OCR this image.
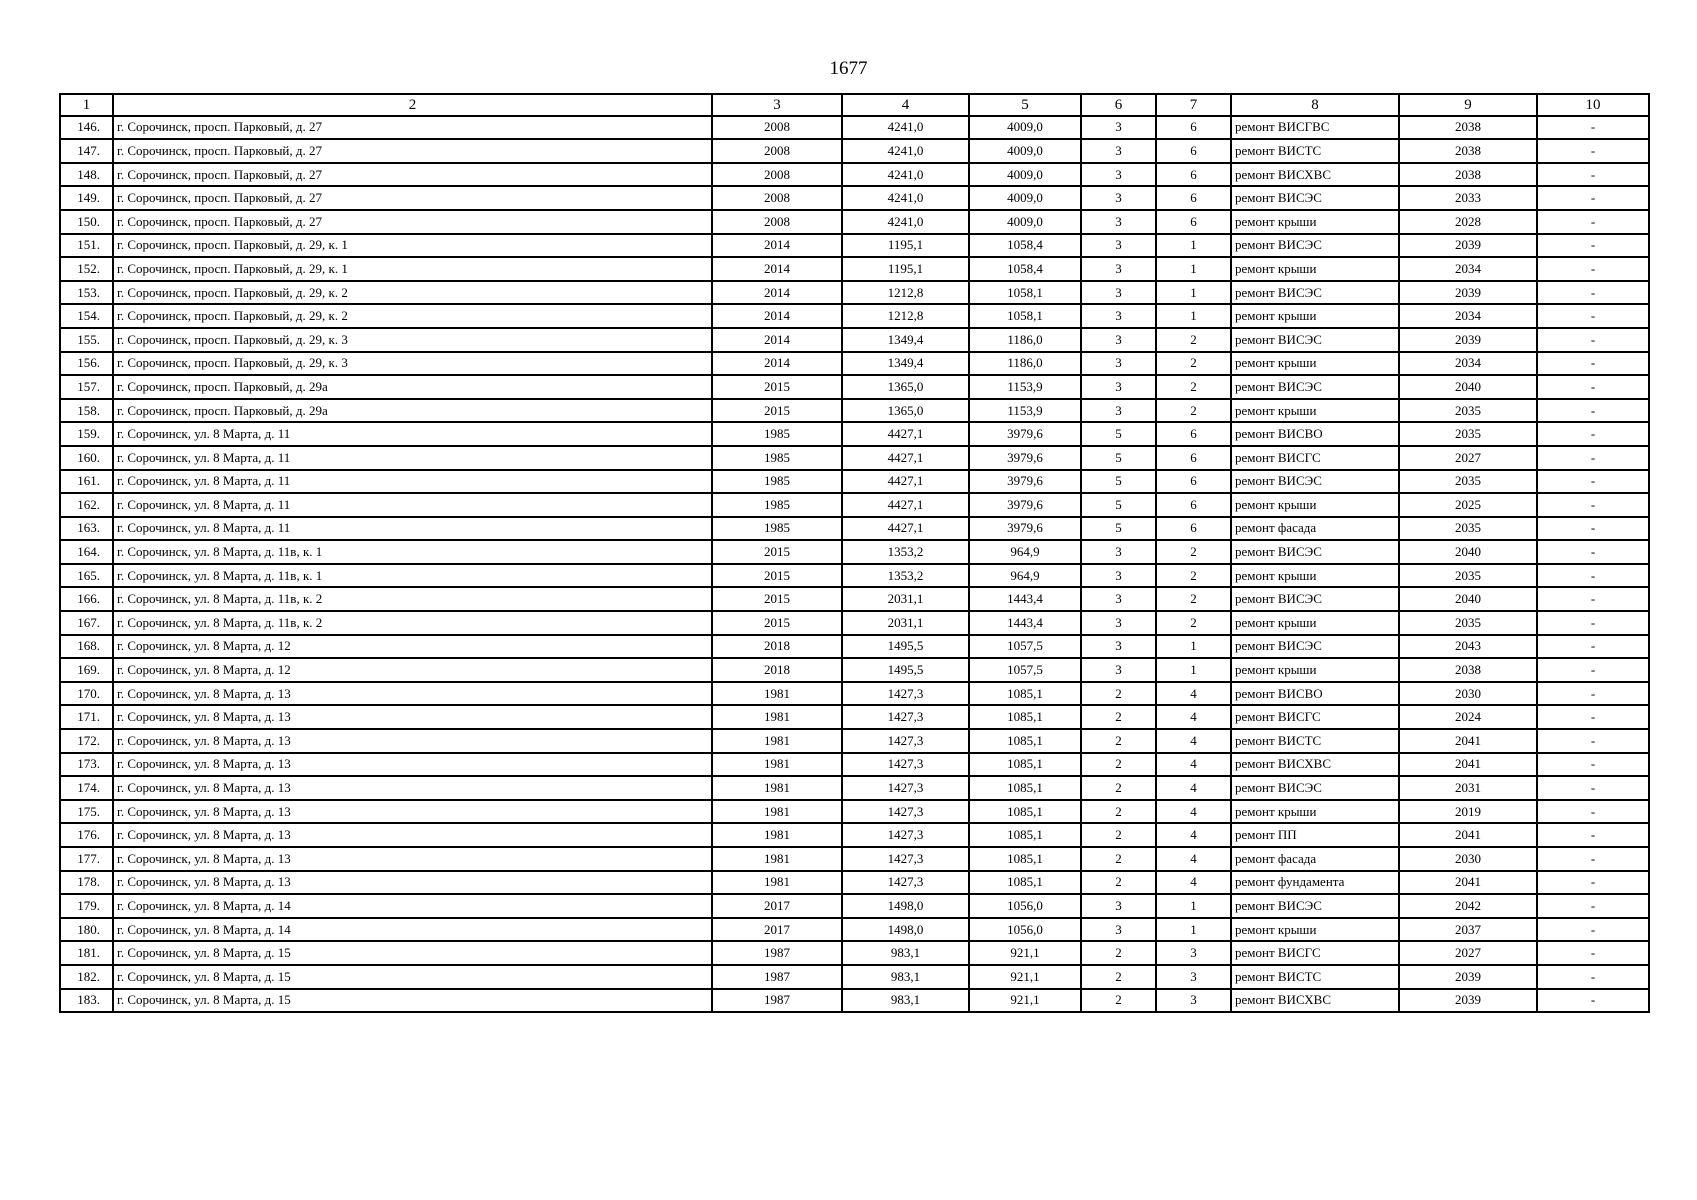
1677
1	2	3	4	5	6	7	8	9	10
146.	г. Сорочинск, просп. Парковый, д. 27	2008	4241,0	4009,0	3	6	ремонт ВИСГВС	2038	-
147.	г. Сорочинск, просп. Парковый, д. 27	2008	4241,0	4009,0	3	6	ремонт ВИСТС	2038	-
148.	г. Сорочинск, просп. Парковый, д. 27	2008	4241,0	4009,0	3	6	ремонт ВИСХВС	2038	-
149.	г. Сорочинск, просп. Парковый, д. 27	2008	4241,0	4009,0	3	6	ремонт ВИСЭС	2033	-
150.	г. Сорочинск, просп. Парковый, д. 27	2008	4241,0	4009,0	3	6	ремонт крыши	2028	-
151.	г. Сорочинск, просп. Парковый, д. 29, к. 1	2014	1195,1	1058,4	3	1	ремонт ВИСЭС	2039	-
152.	г. Сорочинск, просп. Парковый, д. 29, к. 1	2014	1195,1	1058,4	3	1	ремонт крыши	2034	-
153.	г. Сорочинск, просп. Парковый, д. 29, к. 2	2014	1212,8	1058,1	3	1	ремонт ВИСЭС	2039	-
154.	г. Сорочинск, просп. Парковый, д. 29, к. 2	2014	1212,8	1058,1	3	1	ремонт крыши	2034	-
155.	г. Сорочинск, просп. Парковый, д. 29, к. 3	2014	1349,4	1186,0	3	2	ремонт ВИСЭС	2039	-
156.	г. Сорочинск, просп. Парковый, д. 29, к. 3	2014	1349,4	1186,0	3	2	ремонт крыши	2034	-
157.	г. Сорочинск, просп. Парковый, д. 29а	2015	1365,0	1153,9	3	2	ремонт ВИСЭС	2040	-
158.	г. Сорочинск, просп. Парковый, д. 29а	2015	1365,0	1153,9	3	2	ремонт крыши	2035	-
159.	г. Сорочинск, ул. 8 Марта, д. 11	1985	4427,1	3979,6	5	6	ремонт ВИСВО	2035	-
160.	г. Сорочинск, ул. 8 Марта, д. 11	1985	4427,1	3979,6	5	6	ремонт ВИСГС	2027	-
161.	г. Сорочинск, ул. 8 Марта, д. 11	1985	4427,1	3979,6	5	6	ремонт ВИСЭС	2035	-
162.	г. Сорочинск, ул. 8 Марта, д. 11	1985	4427,1	3979,6	5	6	ремонт крыши	2025	-
163.	г. Сорочинск, ул. 8 Марта, д. 11	1985	4427,1	3979,6	5	6	ремонт фасада	2035	-
164.	г. Сорочинск, ул. 8 Марта, д. 11в, к. 1	2015	1353,2	964,9	3	2	ремонт ВИСЭС	2040	-
165.	г. Сорочинск, ул. 8 Марта, д. 11в, к. 1	2015	1353,2	964,9	3	2	ремонт крыши	2035	-
166.	г. Сорочинск, ул. 8 Марта, д. 11в, к. 2	2015	2031,1	1443,4	3	2	ремонт ВИСЭС	2040	-
167.	г. Сорочинск, ул. 8 Марта, д. 11в, к. 2	2015	2031,1	1443,4	3	2	ремонт крыши	2035	-
168.	г. Сорочинск, ул. 8 Марта, д. 12	2018	1495,5	1057,5	3	1	ремонт ВИСЭС	2043	-
169.	г. Сорочинск, ул. 8 Марта, д. 12	2018	1495,5	1057,5	3	1	ремонт крыши	2038	-
170.	г. Сорочинск, ул. 8 Марта, д. 13	1981	1427,3	1085,1	2	4	ремонт ВИСВО	2030	-
171.	г. Сорочинск, ул. 8 Марта, д. 13	1981	1427,3	1085,1	2	4	ремонт ВИСГС	2024	-
172.	г. Сорочинск, ул. 8 Марта, д. 13	1981	1427,3	1085,1	2	4	ремонт ВИСТС	2041	-
173.	г. Сорочинск, ул. 8 Марта, д. 13	1981	1427,3	1085,1	2	4	ремонт ВИСХВС	2041	-
174.	г. Сорочинск, ул. 8 Марта, д. 13	1981	1427,3	1085,1	2	4	ремонт ВИСЭС	2031	-
175.	г. Сорочинск, ул. 8 Марта, д. 13	1981	1427,3	1085,1	2	4	ремонт крыши	2019	-
176.	г. Сорочинск, ул. 8 Марта, д. 13	1981	1427,3	1085,1	2	4	ремонт ПП	2041	-
177.	г. Сорочинск, ул. 8 Марта, д. 13	1981	1427,3	1085,1	2	4	ремонт фасада	2030	-
178.	г. Сорочинск, ул. 8 Марта, д. 13	1981	1427,3	1085,1	2	4	ремонт фундамента	2041	-
179.	г. Сорочинск, ул. 8 Марта, д. 14	2017	1498,0	1056,0	3	1	ремонт ВИСЭС	2042	-
180.	г. Сорочинск, ул. 8 Марта, д. 14	2017	1498,0	1056,0	3	1	ремонт крыши	2037	-
181.	г. Сорочинск, ул. 8 Марта, д. 15	1987	983,1	921,1	2	3	ремонт ВИСГС	2027	-
182.	г. Сорочинск, ул. 8 Марта, д. 15	1987	983,1	921,1	2	3	ремонт ВИСТС	2039	-
183.	г. Сорочинск, ул. 8 Марта, д. 15	1987	983,1	921,1	2	3	ремонт ВИСХВС	2039	-
